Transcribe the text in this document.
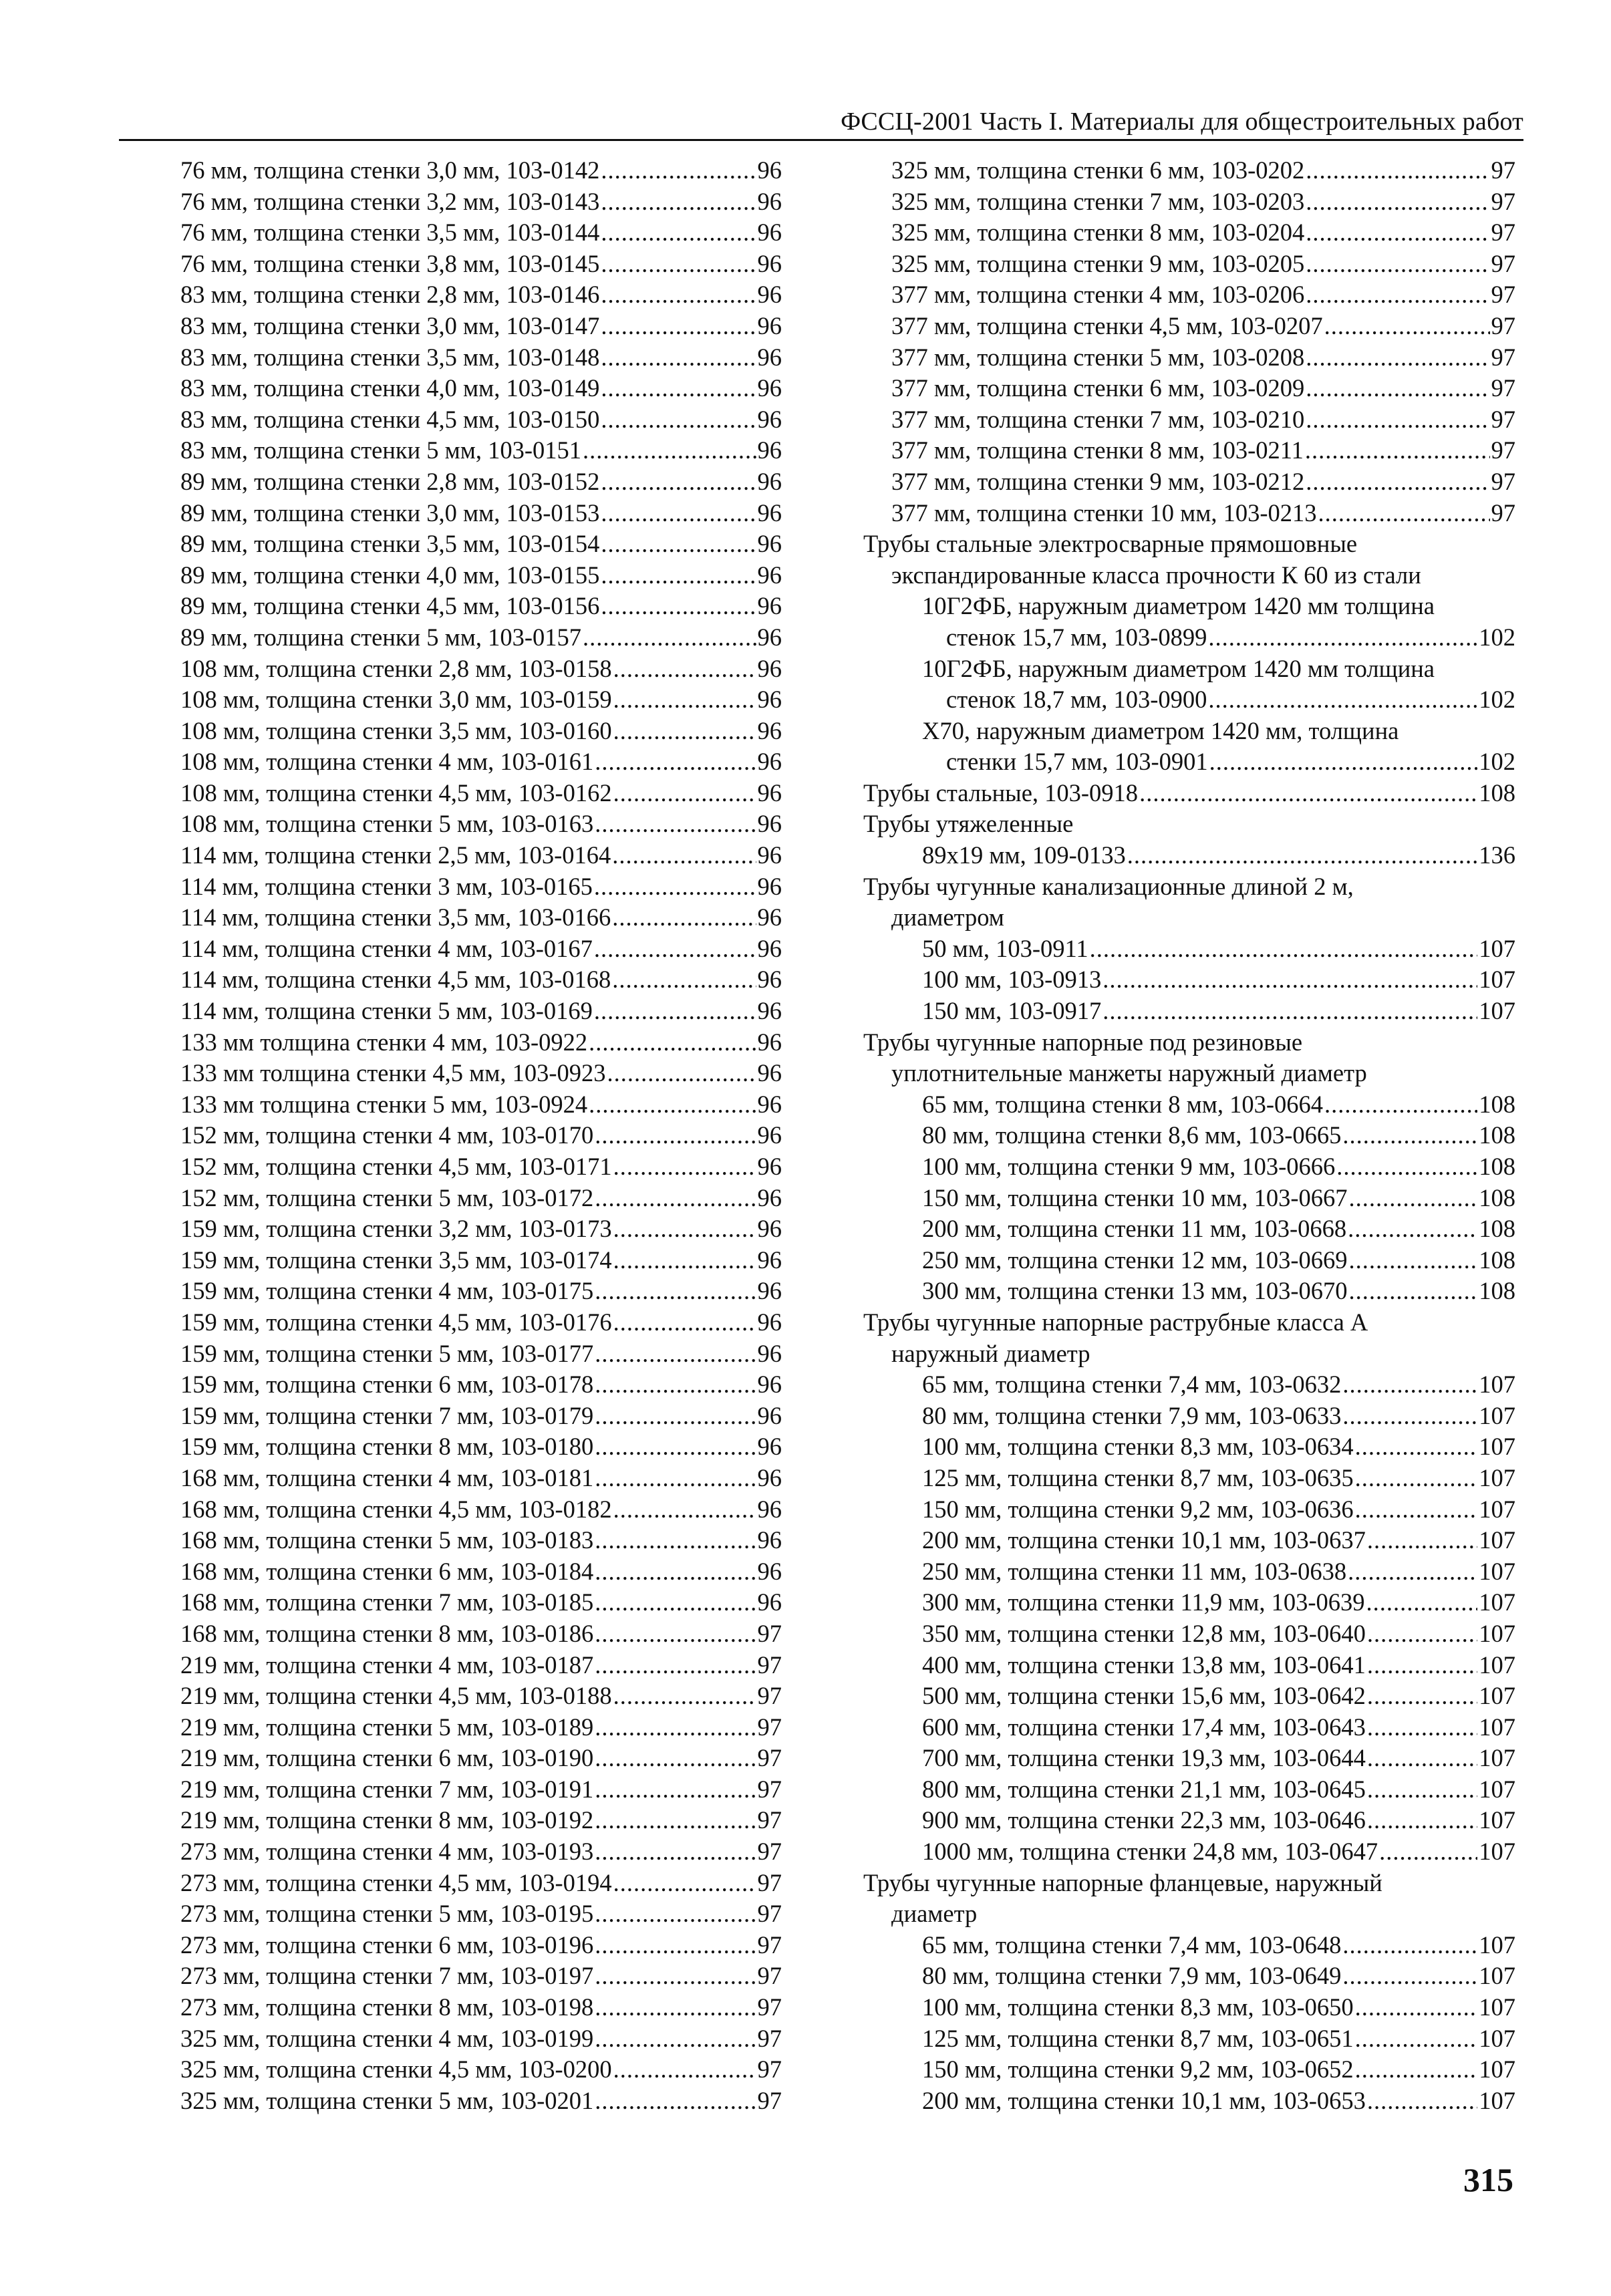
ФССЦ-2001 Часть I. Материалы для общестроительных работ
76 мм, толщина стенки 3,0 мм, 103-0142 .....	96
76 мм, толщина стенки 3,2 мм, 103-0143 .....	96
76 мм, толщина стенки 3,5 мм, 103-0144 .....	96
76 мм, толщина стенки 3,8 мм, 103-0145 .....	96
83 мм, толщина стенки 2,8 мм, 103-0146 .....	96
83 мм, толщина стенки 3,0 мм, 103-0147 .....	96
83 мм, толщина стенки 3,5 мм, 103-0148 .....	96
83 мм, толщина стенки 4,0 мм, 103-0149 .....	96
83 мм, толщина стенки 4,5 мм, 103-0150 .....	96
83 мм, толщина стенки 5 мм, 103-0151 .....	96
89 мм, толщина стенки 2,8 мм, 103-0152 .....	96
89 мм, толщина стенки 3,0 мм, 103-0153 .....	96
89 мм, толщина стенки 3,5 мм, 103-0154 .....	96
89 мм, толщина стенки 4,0 мм, 103-0155 .....	96
89 мм, толщина стенки 4,5 мм, 103-0156 .....	96
89 мм, толщина стенки 5 мм, 103-0157 .....	96
108 мм, толщина стенки 2,8 мм, 103-0158 .....	96
108 мм, толщина стенки 3,0 мм, 103-0159 .....	96
108 мм, толщина стенки 3,5 мм, 103-0160 .....	96
108 мм, толщина стенки 4 мм, 103-0161 .....	96
108 мм, толщина стенки 4,5 мм, 103-0162 .....	96
108 мм, толщина стенки 5 мм, 103-0163 .....	96
114 мм, толщина стенки 2,5 мм, 103-0164 .....	96
114 мм, толщина стенки 3 мм, 103-0165 .....	96
114 мм, толщина стенки 3,5 мм, 103-0166 .....	96
114 мм, толщина стенки 4 мм, 103-0167 .....	96
114 мм, толщина стенки 4,5 мм, 103-0168 .....	96
114 мм, толщина стенки 5 мм, 103-0169 .....	96
133 мм толщина стенки 4 мм, 103-0922 .....	96
133 мм толщина стенки 4,5 мм, 103-0923 .....	96
133 мм толщина стенки 5 мм, 103-0924 .....	96
152 мм, толщина стенки 4 мм, 103-0170 .....	96
152 мм, толщина стенки 4,5 мм, 103-0171 .....	96
152 мм, толщина стенки 5 мм, 103-0172 .....	96
159 мм, толщина стенки 3,2 мм, 103-0173 .....	96
159 мм, толщина стенки 3,5 мм, 103-0174 .....	96
159 мм, толщина стенки 4 мм, 103-0175 .....	96
159 мм, толщина стенки 4,5 мм, 103-0176 .....	96
159 мм, толщина стенки 5 мм, 103-0177 .....	96
159 мм, толщина стенки 6 мм, 103-0178 .....	96
159 мм, толщина стенки 7 мм, 103-0179 .....	96
159 мм, толщина стенки 8 мм, 103-0180 .....	96
168 мм, толщина стенки 4 мм, 103-0181 .....	96
168 мм, толщина стенки 4,5 мм, 103-0182 .....	96
168 мм, толщина стенки 5 мм, 103-0183 .....	96
168 мм, толщина стенки 6 мм, 103-0184 .....	96
168 мм, толщина стенки 7 мм, 103-0185 .....	96
168 мм, толщина стенки 8 мм, 103-0186 .....	97
219 мм, толщина стенки 4 мм, 103-0187 .....	97
219 мм, толщина стенки 4,5 мм, 103-0188 .....	97
219 мм, толщина стенки 5 мм, 103-0189 .....	97
219 мм, толщина стенки 6 мм, 103-0190 .....	97
219 мм, толщина стенки 7 мм, 103-0191 .....	97
219 мм, толщина стенки 8 мм, 103-0192 .....	97
273 мм, толщина стенки 4 мм, 103-0193 .....	97
273 мм, толщина стенки 4,5 мм, 103-0194 .....	97
273 мм, толщина стенки 5 мм, 103-0195 .....	97
273 мм, толщина стенки 6 мм, 103-0196 .....	97
273 мм, толщина стенки 7 мм, 103-0197 .....	97
273 мм, толщина стенки 8 мм, 103-0198 .....	97
325 мм, толщина стенки 4 мм, 103-0199 .....	97
325 мм, толщина стенки 4,5 мм, 103-0200 .....	97
325 мм, толщина стенки 5 мм, 103-0201 .....	97
325 мм, толщина стенки 6 мм, 103-0202 .....	97
325 мм, толщина стенки 7 мм, 103-0203 .....	97
325 мм, толщина стенки 8 мм, 103-0204 .....	97
325 мм, толщина стенки 9 мм, 103-0205 .....	97
377 мм, толщина стенки 4 мм, 103-0206 .....	97
377 мм, толщина стенки 4,5 мм, 103-0207 .....	97
377 мм, толщина стенки 5 мм, 103-0208 .....	97
377 мм, толщина стенки 6 мм, 103-0209 .....	97
377 мм, толщина стенки 7 мм, 103-0210 .....	97
377 мм, толщина стенки 8 мм, 103-0211 .....	97
377 мм, толщина стенки 9 мм, 103-0212 .....	97
377 мм, толщина стенки 10 мм, 103-0213 .....	97
Трубы стальные электросварные прямошовные
экспандированные класса прочности К 60 из стали
10Г2ФБ, наружным диаметром 1420 мм толщина
стенок 15,7 мм, 103-0899 .....	102
10Г2ФБ, наружным диаметром 1420 мм толщина
стенок 18,7 мм, 103-0900 .....	102
Х70, наружным диаметром 1420 мм, толщина
стенки 15,7 мм, 103-0901 .....	102
Трубы стальные, 103-0918 .....	108
Трубы утяжеленные
89х19 мм, 109-0133 .....	136
Трубы чугунные канализационные длиной 2 м,
диаметром
50 мм, 103-0911 .....	107
100 мм, 103-0913 .....	107
150 мм, 103-0917 .....	107
Трубы чугунные напорные под резиновые
уплотнительные манжеты наружный диаметр
65 мм, толщина стенки 8 мм, 103-0664 .....	108
80 мм, толщина стенки 8,6 мм, 103-0665 .....	108
100 мм, толщина стенки 9 мм, 103-0666 .....	108
150 мм, толщина стенки 10 мм, 103-0667 .....	108
200 мм, толщина стенки 11 мм, 103-0668 .....	108
250 мм, толщина стенки 12 мм, 103-0669 .....	108
300 мм, толщина стенки 13 мм, 103-0670 .....	108
Трубы чугунные напорные раструбные класса А
наружный диаметр
65 мм, толщина стенки 7,4 мм, 103-0632 .....	107
80 мм, толщина стенки 7,9 мм, 103-0633 .....	107
100 мм, толщина стенки 8,3 мм, 103-0634 .....	107
125 мм, толщина стенки 8,7 мм, 103-0635 .....	107
150 мм, толщина стенки 9,2 мм, 103-0636 .....	107
200 мм, толщина стенки 10,1 мм, 103-0637 .....	107
250 мм, толщина стенки 11 мм, 103-0638 .....	107
300 мм, толщина стенки 11,9 мм, 103-0639 .....	107
350 мм, толщина стенки 12,8 мм, 103-0640 .....	107
400 мм, толщина стенки 13,8 мм, 103-0641 .....	107
500 мм, толщина стенки 15,6 мм, 103-0642 .....	107
600 мм, толщина стенки 17,4 мм, 103-0643 .....	107
700 мм, толщина стенки 19,3 мм, 103-0644 .....	107
800 мм, толщина стенки 21,1 мм, 103-0645 .....	107
900 мм, толщина стенки 22,3 мм, 103-0646 .....	107
1000 мм, толщина стенки 24,8 мм, 103-0647 .....	107
Трубы чугунные напорные фланцевые, наружный
диаметр
65 мм, толщина стенки 7,4 мм, 103-0648 .....	107
80 мм, толщина стенки 7,9 мм, 103-0649 .....	107
100 мм, толщина стенки 8,3 мм, 103-0650 .....	107
125 мм, толщина стенки 8,7 мм, 103-0651 .....	107
150 мм, толщина стенки 9,2 мм, 103-0652 .....	107
200 мм, толщина стенки 10,1 мм, 103-0653 .....	107
315
